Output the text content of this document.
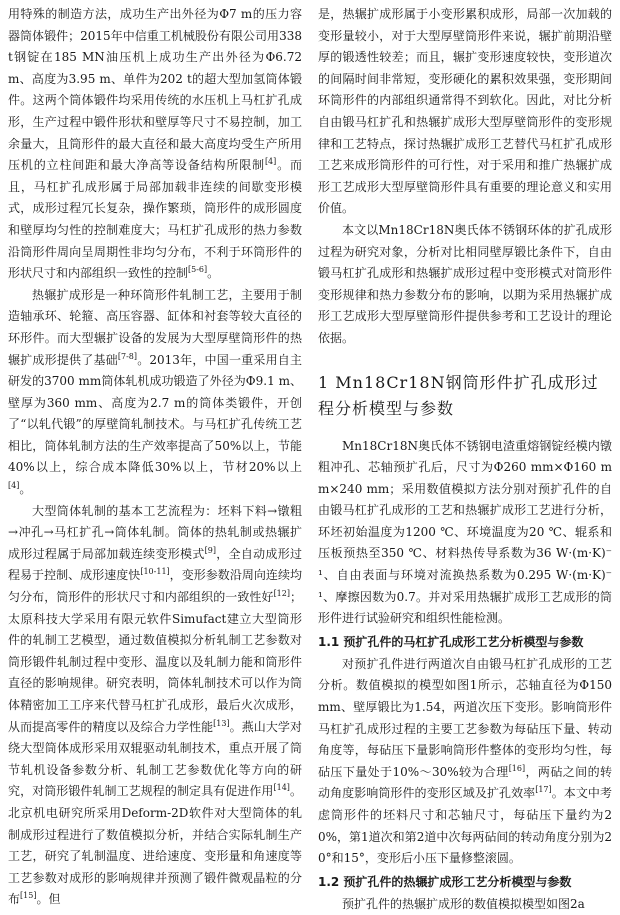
用特殊的制造方法，成功生产出外径为Φ7 m的压力容器筒体锻件；2015年中信重工机械股份有限公司用338 t钢锭在185 MN油压机上成功生产出外径为Φ6.72 m、高度为3.95 m、单件为202 t的超大型加氢筒体锻件。这两个筒体锻件均采用传统的水压机上马杠扩孔成形，生产过程中锻件形状和壁厚等尺寸不易控制，加工余量大，且筒形件的最大直径和最大高度均受生产所用压机的立柱间距和最大净高等设备结构所限制[4]。而且，马杠扩孔成形属于局部加载非连续的间歇变形模式，成形过程冗长复杂，操作繁琐，筒形件的成形圆度和壁厚均匀性的控制难度大；马杠扩孔成形的热力参数沿筒形件周向呈周期性非均匀分布，不利于环筒形件的形状尺寸和内部组织一致性的控制[5-6]。

热辗扩成形是一种环筒形件轧制工艺，主要用于制造轴承环、轮箍、高压容器、缸体和衬套等较大直径的环形件。而大型辗扩设备的发展为大型厚壁筒形件的热辗扩成形提供了基础[7-8]。2013年，中国一重采用自主研发的3700 mm筒体轧机成功锻造了外径为Φ9.1 m、壁厚为360 mm、高度为2.7 m的筒体类锻件，开创了“以轧代锻”的厚壁筒轧制技术。与马杠扩孔传统工艺相比，筒体轧制方法的生产效率提高了50%以上，节能40%以上，综合成本降低30%以上，节材20%以上[4]。

大型筒体轧制的基本工艺流程为：坯料下料→镦粗→冲孔→马杠扩孔→筒体轧制。筒体的热轧制或热辗扩成形过程属于局部加载连续变形模式[9]，全自动成形过程易于控制、成形速度快[10-11]，变形参数沿周向连续均匀分布，筒形件的形状尺寸和内部组织的一致性好[12]；太原科技大学采用有限元软件Simufact建立大型筒形件的轧制工艺模型，通过数值模拟分析轧制工艺参数对筒形锻件轧制过程中变形、温度以及轧制力能和筒形件直径的影响规律。研究表明，筒体轧制技术可以作为筒体精密加工工序来代替马杠扩孔成形，最后火次成形，从而提高零件的精度以及综合力学性能[13]。燕山大学对绕大型筒体成形采用双辊驱动轧制技术，重点开展了筒节轧机设备参数分析、轧制工艺参数优化等方向的研究，对筒形锻件轧制工艺规程的制定具有促进作用[14]。北京机电研究所采用Deform-2D软件对大型筒体的轧制成形过程进行了数值模拟分析，并结合实际轧制生产工艺，研究了轧制温度、进给速度、变形量和角速度等工艺参数对成形的影响规律并预测了锻件微观晶粒的分布[15]。但

是，热辗扩成形属于小变形累积成形，局部一次加载的变形量较小，对于大型厚壁筒形件来说，辗扩前期沿壁厚的锻透性较差；而且，辗扩变形速度较快，变形道次的间隔时间非常短，变形硬化的累积效果强，变形期间环筒形件的内部组织通常得不到软化。因此，对比分析自由锻马杠扩孔和热辗扩成形大型厚壁筒形件的变形规律和工艺特点，探讨热辗扩成形工艺替代马杠扩孔成形工艺来成形筒形件的可行性，对于采用和推广热辗扩成形工艺成形大型厚壁筒形件具有重要的理论意义和实用价值。

本文以Mn18Cr18N奥氏体不锈钢环体的扩孔成形过程为研究对象，分析对比相同壁厚锻比条件下，自由锻马杠扩孔成形和热辗扩成形过程中变形模式对筒形件变形规律和热力参数分布的影响，以期为采用热辗扩成形工艺成形大型厚壁筒形件提供参考和工艺设计的理论依据。

1 Mn18Cr18N钢筒形件扩孔成形过程分析模型与参数

Mn18Cr18N奥氏体不锈钢电渣重熔钢锭经模内镦粗冲孔、芯轴预扩孔后，尺寸为Φ260 mm×Φ160 mm×240 mm；采用数值模拟方法分别对预扩孔件的自由锻马杠扩孔成形的工艺和热辗扩成形工艺进行分析，环坯初始温度为1200 ℃、环境温度为20 ℃、辊系和压板预热至350 ℃、材料热传导系数为36 W·(m·K)⁻¹、自由表面与环境对流换热系数为0.295 W·(m·K)⁻¹、摩擦因数为0.7。并对采用热辗扩成形工艺成形的筒形件进行试验研究和组织性能检测。

1.1 预扩孔件的马杠扩孔成形工艺分析模型与参数

对预扩孔件进行两道次自由锻马杠扩孔成形的工艺分析。数值模拟的模型如图1所示，芯轴直径为Φ150 mm、壁厚锻比为1.54，两道次压下变形。影响筒形件马杠扩孔成形过程的主要工艺参数为每砧压下量、转动角度等，每砧压下量影响筒形件整体的变形均匀性，每砧压下量处于10%～30%较为合理[16]，两砧之间的转动角度影响筒形件的变形区域及扩孔效率[17]。本文中考虑筒形件的坯料尺寸和芯轴尺寸，每砧压下量约为20%，第1道次和第2道中次每两砧间的转动角度分别为20°和15°，变形后小压下量修整滚圆。

1.2 预扩孔件的热辗扩成形工艺分析模型与参数

预扩孔件的热辗扩成形的数值模拟模型如图2a
